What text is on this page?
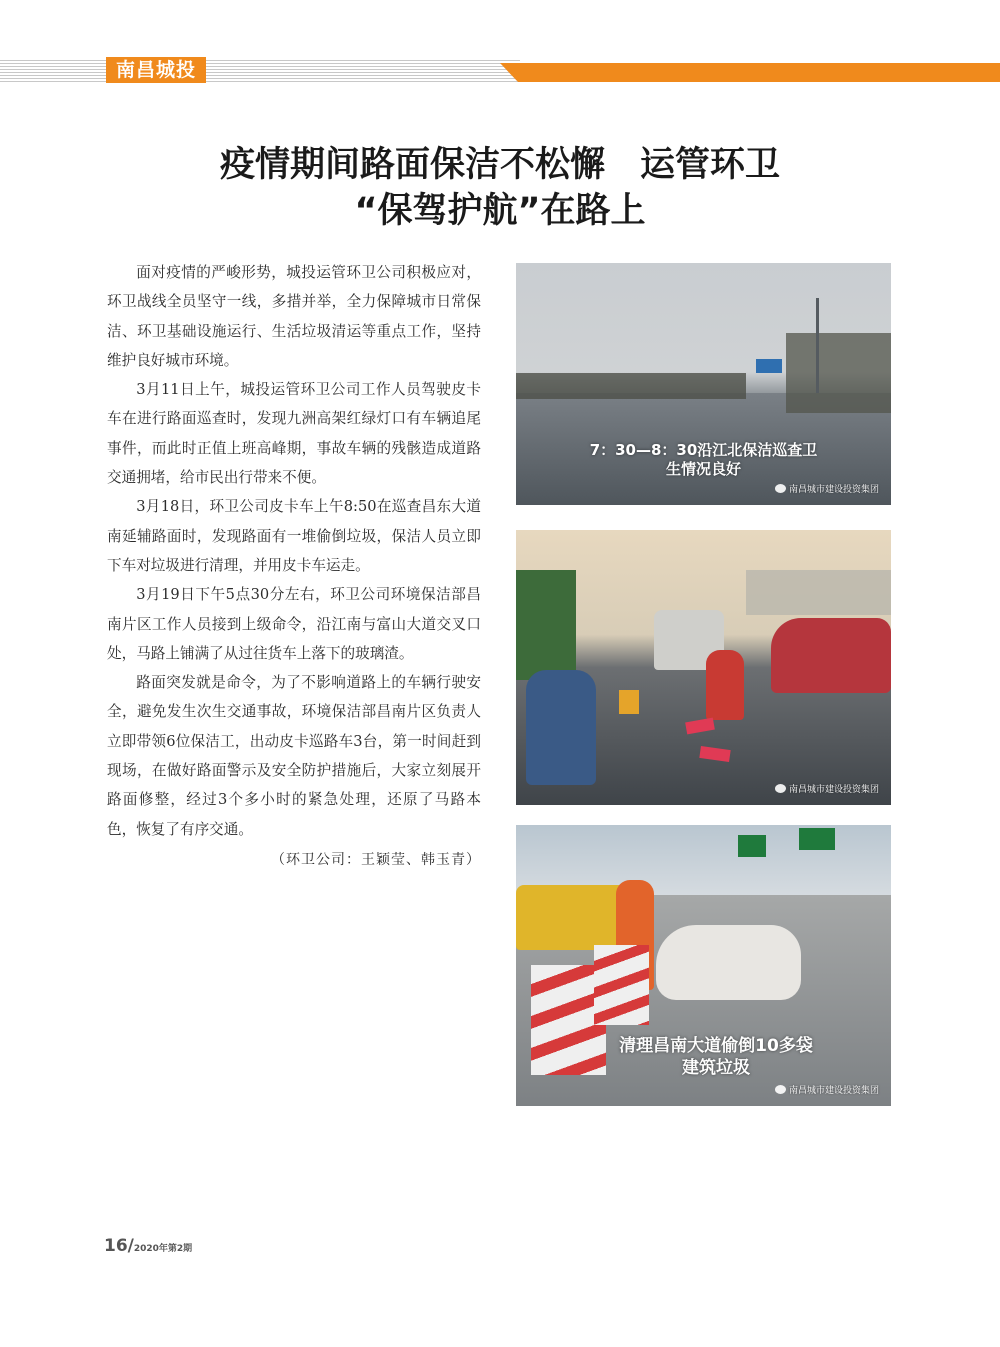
南昌城投
疫情期间路面保洁不松懈　运管环卫
“保驾护航”在路上

面对疫情的严峻形势，城投运管环卫公司积极应对，环卫战线全员坚守一线，多措并举，全力保障城市日常保洁、环卫基础设施运行、生活垃圾清运等重点工作，坚持维护良好城市环境。

3月11日上午，城投运管环卫公司工作人员驾驶皮卡车在进行路面巡查时，发现九洲高架红绿灯口有车辆追尾事件，而此时正值上班高峰期，事故车辆的残骸造成道路交通拥堵，给市民出行带来不便。

3月18日，环卫公司皮卡车上午8:50在巡查昌东大道南延辅路面时，发现路面有一堆偷倒垃圾，保洁人员立即下车对垃圾进行清理，并用皮卡车运走。

3月19日下午5点30分左右，环卫公司环境保洁部昌南片区工作人员接到上级命令，沿江南与富山大道交叉口处，马路上铺满了从过往货车上落下的玻璃渣。

路面突发就是命令，为了不影响道路上的车辆行驶安全，避免发生次生交通事故，环境保洁部昌南片区负责人立即带领6位保洁工，出动皮卡巡路车3台，第一时间赶到现场，在做好路面警示及安全防护措施后，大家立刻展开路面修整，经过3个多小时的紧急处理，还原了马路本色，恢复了有序交通。

（环卫公司：王颖莹、韩玉青）

7：30—8：30沿江北保洁巡查卫
生情况良好
南昌城市建设投资集团
南昌城市建设投资集团
清理昌南大道偷倒10多袋
建筑垃圾
南昌城市建设投资集团
16/2020年第2期
